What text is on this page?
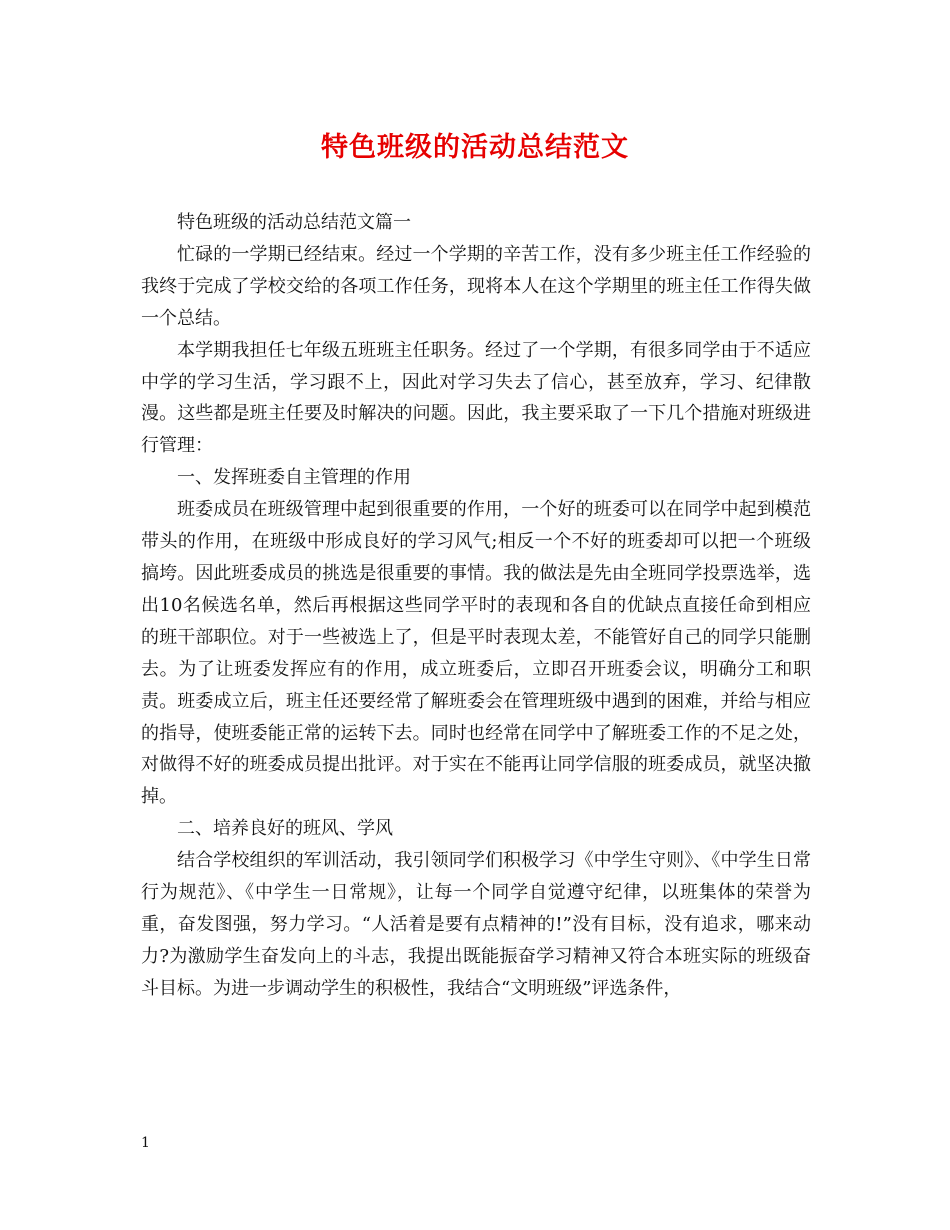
特色班级的活动总结范文

特色班级的活动总结范文篇一

忙碌的一学期已经结束。经过一个学期的辛苦工作，没有多少班主任工作经验的我终于完成了学校交给的各项工作任务，现将本人在这个学期里的班主任工作得失做一个总结。

本学期我担任七年级五班班主任职务。经过了一个学期，有很多同学由于不适应中学的学习生活，学习跟不上，因此对学习失去了信心，甚至放弃，学习、纪律散漫。这些都是班主任要及时解决的问题。因此，我主要采取了一下几个措施对班级进行管理：

一、发挥班委自主管理的作用

班委成员在班级管理中起到很重要的作用，一个好的班委可以在同学中起到模范带头的作用，在班级中形成良好的学习风气;相反一个不好的班委却可以把一个班级搞垮。因此班委成员的挑选是很重要的事情。我的做法是先由全班同学投票选举，选出10名候选名单，然后再根据这些同学平时的表现和各自的优缺点直接任命到相应的班干部职位。对于一些被选上了，但是平时表现太差，不能管好自己的同学只能删去。为了让班委发挥应有的作用，成立班委后，立即召开班委会议，明确分工和职责。班委成立后，班主任还要经常了解班委会在管理班级中遇到的困难，并给与相应的指导，使班委能正常的运转下去。同时也经常在同学中了解班委工作的不足之处，对做得不好的班委成员提出批评。对于实在不能再让同学信服的班委成员，就坚决撤掉。

二、培养良好的班风、学风

结合学校组织的军训活动，我引领同学们积极学习《中学生守则》、《中学生日常行为规范》、《中学生一日常规》，让每一个同学自觉遵守纪律，以班集体的荣誉为重，奋发图强，努力学习。“人活着是要有点精神的!”没有目标，没有追求，哪来动力?为激励学生奋发向上的斗志，我提出既能振奋学习精神又符合本班实际的班级奋斗目标。为进一步调动学生的积极性，我结合“文明班级”评选条件，

1
